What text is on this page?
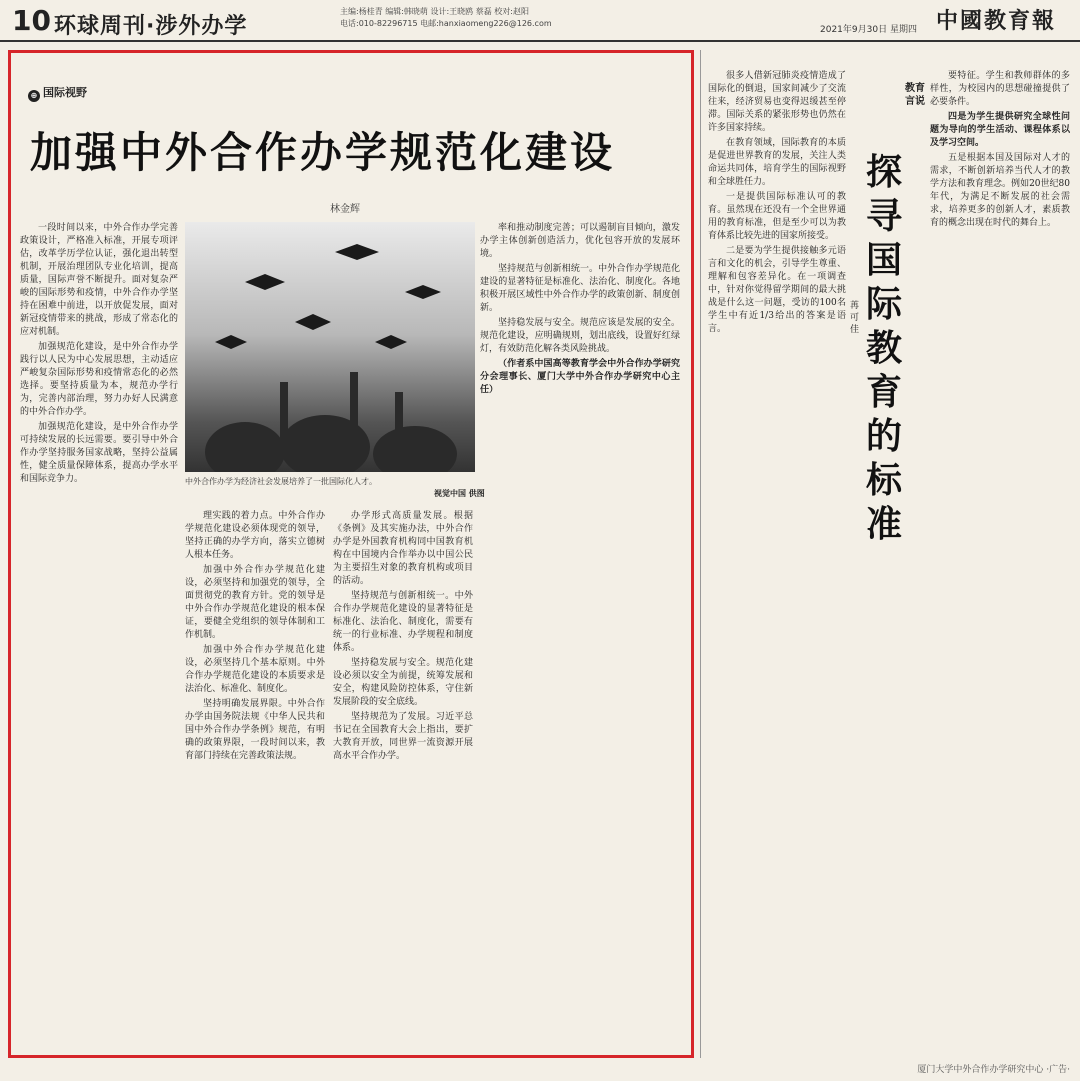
10 环球周刊·涉外办学
主编:杨桂青 编辑:韩晓萌 设计:王晓鸥 蔡磊 校对:赵阳
电话:010-82296715 电邮:hanxiaomeng226@126.com
2021年9月30日 星期四 中國教育報
⊕ 国际视野
加强中外合作办学规范化建设
林金辉

一段时间以来，中外合作办学完善政策设计，严格准入标准，开展专项评估，改革学历学位认证，强化退出转型机制，开展治理团队专业化培训，提高质量，国际声誉不断提升。面对复杂严峻的国际形势和疫情，中外合作办学坚持在困难中前进，以开放促发展，面对新冠疫情带来的挑战，形成了常态化的应对机制。

加强规范化建设，是中外合作办学践行以人民为中心发展思想，主动适应严峻复杂国际形势和疫情常态化的必然选择。要坚持质量为本，规范办学行为，完善内部治理，努力办好人民满意的中外合作办学。

加强规范化建设，是中外合作办学可持续发展的长远需要。要引导中外合作办学坚持服务国家战略，坚持公益属性，健全质量保障体系，提高办学水平和国际竞争力。	中外合作办学为经济社会发展培养了一批国际化人才。
视觉中国 供图

理实践的着力点。中外合作办学规范化建设必须体现党的领导，坚持正确的办学方向，落实立德树人根本任务。

加强中外合作办学规范化建设，必须坚持和加强党的领导，全面贯彻党的教育方针。党的领导是中外合作办学规范化建设的根本保证，要健全党组织的领导体制和工作机制。

加强中外合作办学规范化建设，必须坚持几个基本原则。中外合作办学规范化建设的本质要求是法治化、标准化、制度化。

坚持明确发展界限。中外合作办学由国务院法规《中华人民共和国中外合作办学条例》规范，有明确的政策界限，一段时间以来，教育部门持续在完善政策法规。

办学形式高质量发展。根据《条例》及其实施办法，中外合作办学是外国教育机构同中国教育机构在中国境内合作举办以中国公民为主要招生对象的教育机构或项目的活动。

坚持规范与创新相统一。中外合作办学规范化建设的显著特征是标准化、法治化、制度化，需要有统一的行业标准、办学规程和制度体系。

坚持稳发展与安全。规范化建设必须以安全为前提，统筹发展和安全，构建风险防控体系，守住新发展阶段的安全底线。

坚持规范为了发展。习近平总书记在全国教育大会上指出，要扩大教育开放，同世界一流资源开展高水平合作办学。

率和推动制度完善；可以遏制盲目倾向，激发办学主体创新创造活力，优化包容开放的发展环境。

坚持规范与创新相统一。中外合作办学规范化建设的显著特征是标准化、法治化、制度化。各地积极开展区域性中外合作办学的政策创新、制度创新。

坚持稳发展与安全。规范应该是发展的安全。规范化建设，应明确规则，划出底线，设置好红绿灯，有效防范化解各类风险挑战。

（作者系中国高等教育学会中外合作办学研究分会理事长、厦门大学中外合作办学研究中心主任）

很多人借新冠肺炎疫情造成了国际化的倒退，国家间减少了交流往来，经济贸易也变得迟缓甚至停滞。国际关系的紧张形势也仍然在许多国家持续。

在教育领域，国际教育的本质是促进世界教育的发展，关注人类命运共同体，培育学生的国际视野和全球胜任力。

一是提供国际标准认可的教育。虽然现在还没有一个全世界通用的教育标准，但是至少可以为教育体系比较先进的国家所接受。

二是要为学生提供接触多元语言和文化的机会，引导学生尊重、理解和包容差异化。在一项调查中，针对你觉得留学期间的最大挑战是什么这一问题，受访的100名学生中有近1/3给出的答案是语言。

教育言说
探寻国际教育的标准
苒可佳

要特征。学生和教师群体的多样性，为校园内的思想碰撞提供了必要条件。

四是为学生提供研究全球性问题为导向的学生活动、课程体系以及学习空间。

五是根据本国及国际对人才的需求，不断创新培养当代人才的教学方法和教育理念。例如20世纪80年代，为满足不断发展的社会需求，培养更多的创新人才，素质教育的概念出现在时代的舞台上。

厦门大学中外合作办学研究中心 ·广告·
